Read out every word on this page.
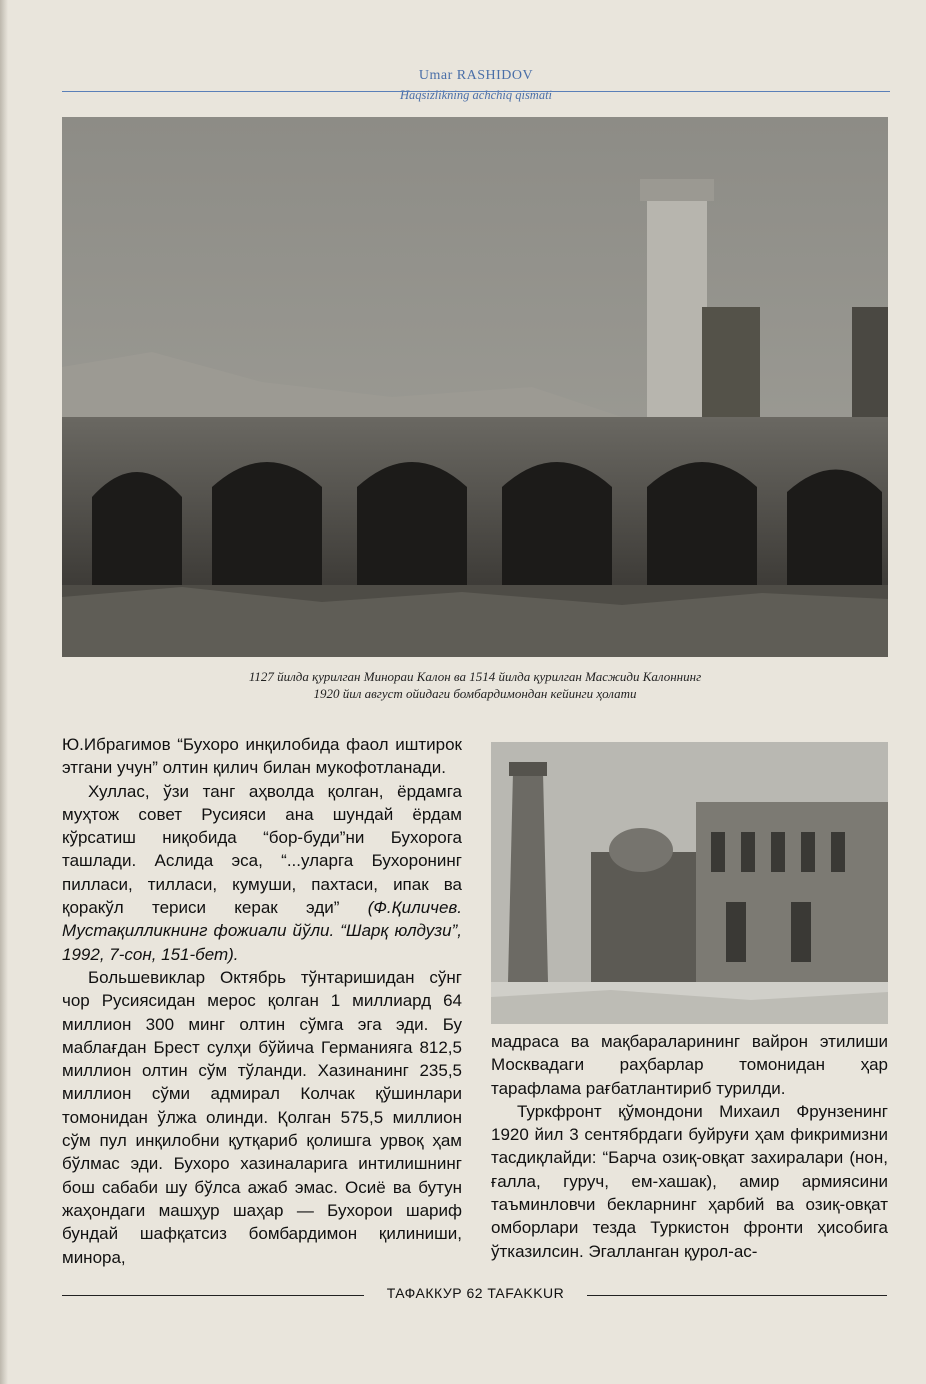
Umar RASHIDOV
Haqsizlikning achchiq qismati
1127 йилда қурилган Минораи Калон ва 1514 йилда қурилган Масжиди Калоннинг
1920 йил август ойидаги бомбардимондан кейинги ҳолати

Ю.Ибрагимов “Бухоро инқилобида фаол иштирок этгани учун” олтин қилич билан мукофотланади.

Хуллас, ўзи танг аҳволда қолган, ёрдамга муҳтож совет Русияси ана шундай ёрдам кўрсатиш ниқобида “бор-буди”ни Бухорога ташлади. Аслида эса, “...уларга Бухоронинг пилласи, тилласи, кумуши, пахтаси, ипак ва қоракўл териси керак эди” (Ф.Қиличев. Мустақилликнинг фожиали йўли. “Шарқ юлдузи”, 1992, 7-сон, 151-бет).

Большевиклар Октябрь тўнтаришидан сўнг чор Русиясидан мерос қолган 1 миллиард 64 миллион 300 минг олтин сўмга эга эди. Бу маблағдан Брест сулҳи бўйича Германияга 812,5 миллион олтин сўм тўланди. Хазинанинг 235,5 миллион сўми адмирал Колчак қўшинлари томонидан ўлжа олинди. Қолган 575,5 миллион сўм пул инқилобни қутқариб қолишга урвоқ ҳам бўлмас эди. Бухоро хазиналарига интилишнинг бош сабаби шу бўлса ажаб эмас. Осиё ва бутун жаҳондаги машҳур шаҳар — Бухорои шариф бундай шафқатсиз бомбардимон қилиниши, минора,

мадраса ва мақбараларининг вайрон этилиши Москвадаги раҳбарлар томонидан ҳар тарафлама рағбатлантириб турилди.

Туркфронт қўмондони Михаил Фрунзенинг 1920 йил 3 сентябрдаги буйруғи ҳам фикримизни тасдиқлайди: “Барча озиқ-овқат захиралари (нон, ғалла, гуруч, ем-хашак), амир армиясини таъминловчи бекларнинг ҳарбий ва озиқ-овқат омборлари тезда Туркистон фронти ҳисобига ўтказилсин. Эгалланган қурол-ас-

ТАФАККУР 62 TAFAKKUR
